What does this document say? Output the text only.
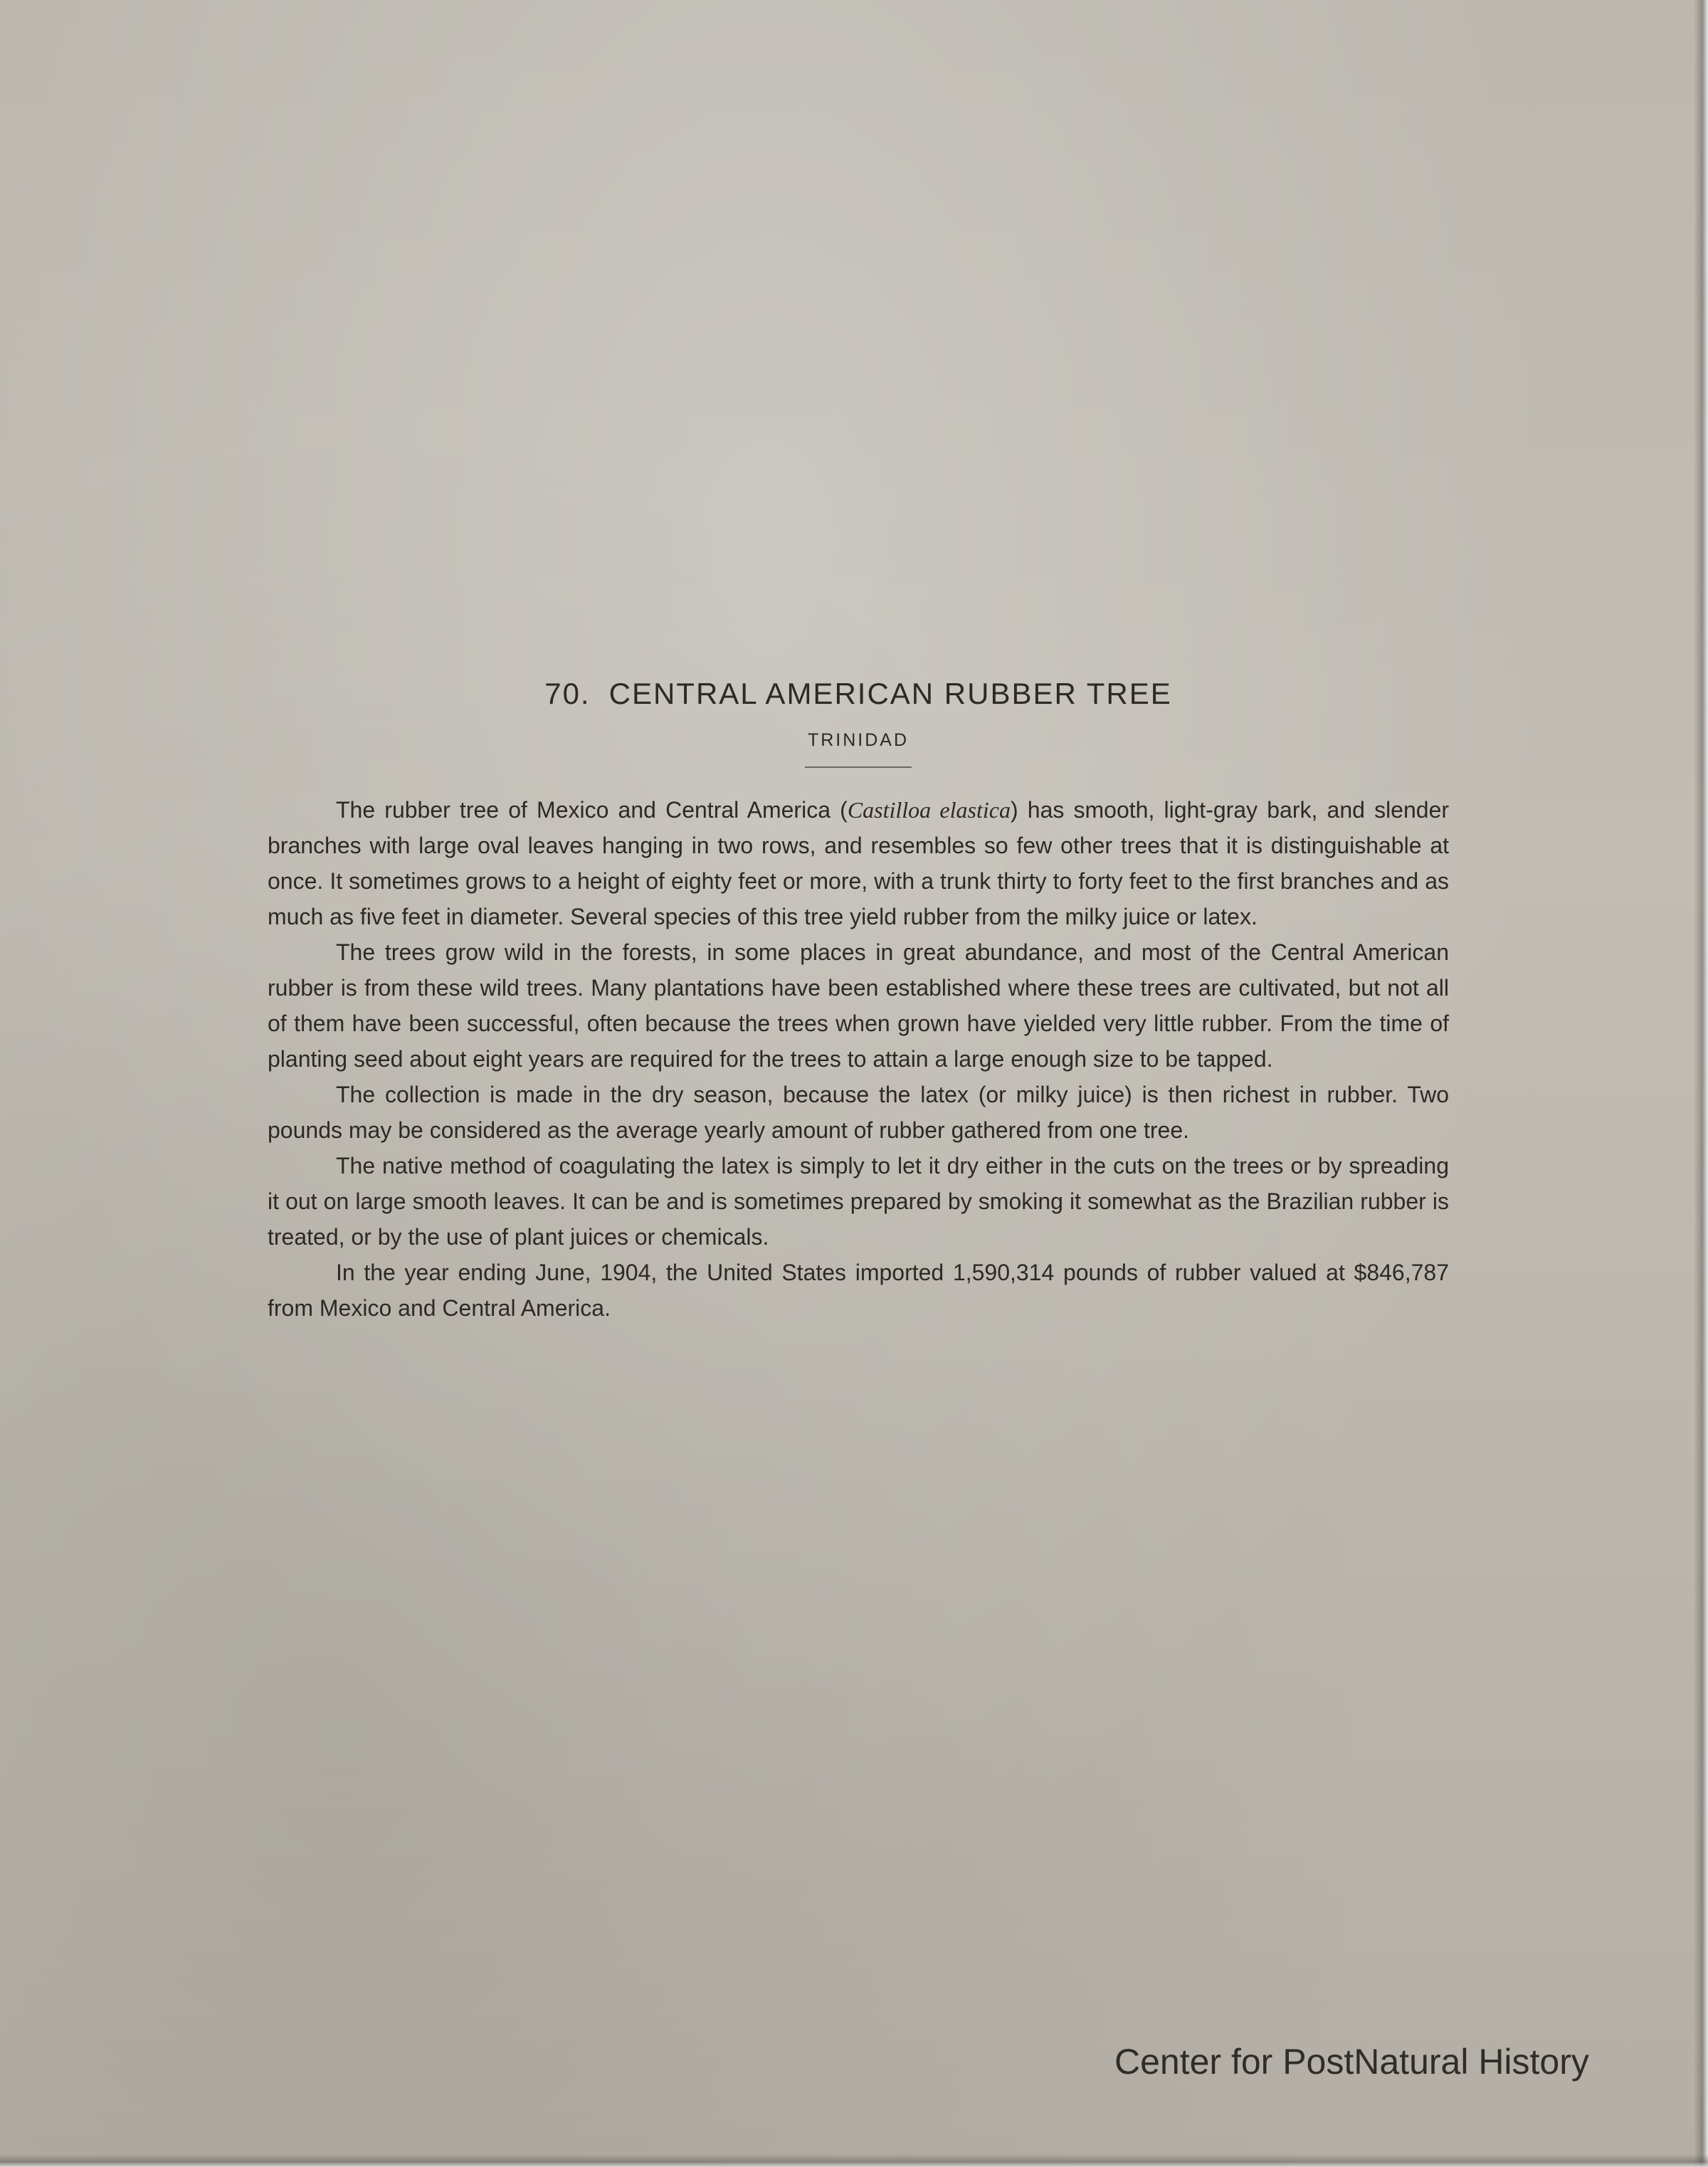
70. CENTRAL AMERICAN RUBBER TREE
TRINIDAD

The rubber tree of Mexico and Central America (Castilloa elastica) has smooth, light-gray bark, and slender branches with large oval leaves hanging in two rows, and resembles so few other trees that it is distinguishable at once. It sometimes grows to a height of eighty feet or more, with a trunk thirty to forty feet to the first branches and as much as five feet in diameter. Several species of this tree yield rubber from the milky juice or latex.

The trees grow wild in the forests, in some places in great abundance, and most of the Central American rubber is from these wild trees. Many plantations have been established where these trees are cultivated, but not all of them have been successful, often because the trees when grown have yielded very little rubber. From the time of planting seed about eight years are required for the trees to attain a large enough size to be tapped.

The collection is made in the dry season, because the latex (or milky juice) is then richest in rubber. Two pounds may be considered as the average yearly amount of rubber gathered from one tree.

The native method of coagulating the latex is simply to let it dry either in the cuts on the trees or by spreading it out on large smooth leaves. It can be and is sometimes prepared by smoking it somewhat as the Brazilian rubber is treated, or by the use of plant juices or chemicals.

In the year ending June, 1904, the United States imported 1,590,314 pounds of rubber valued at $846,787 from Mexico and Central America.

Center for PostNatural History
